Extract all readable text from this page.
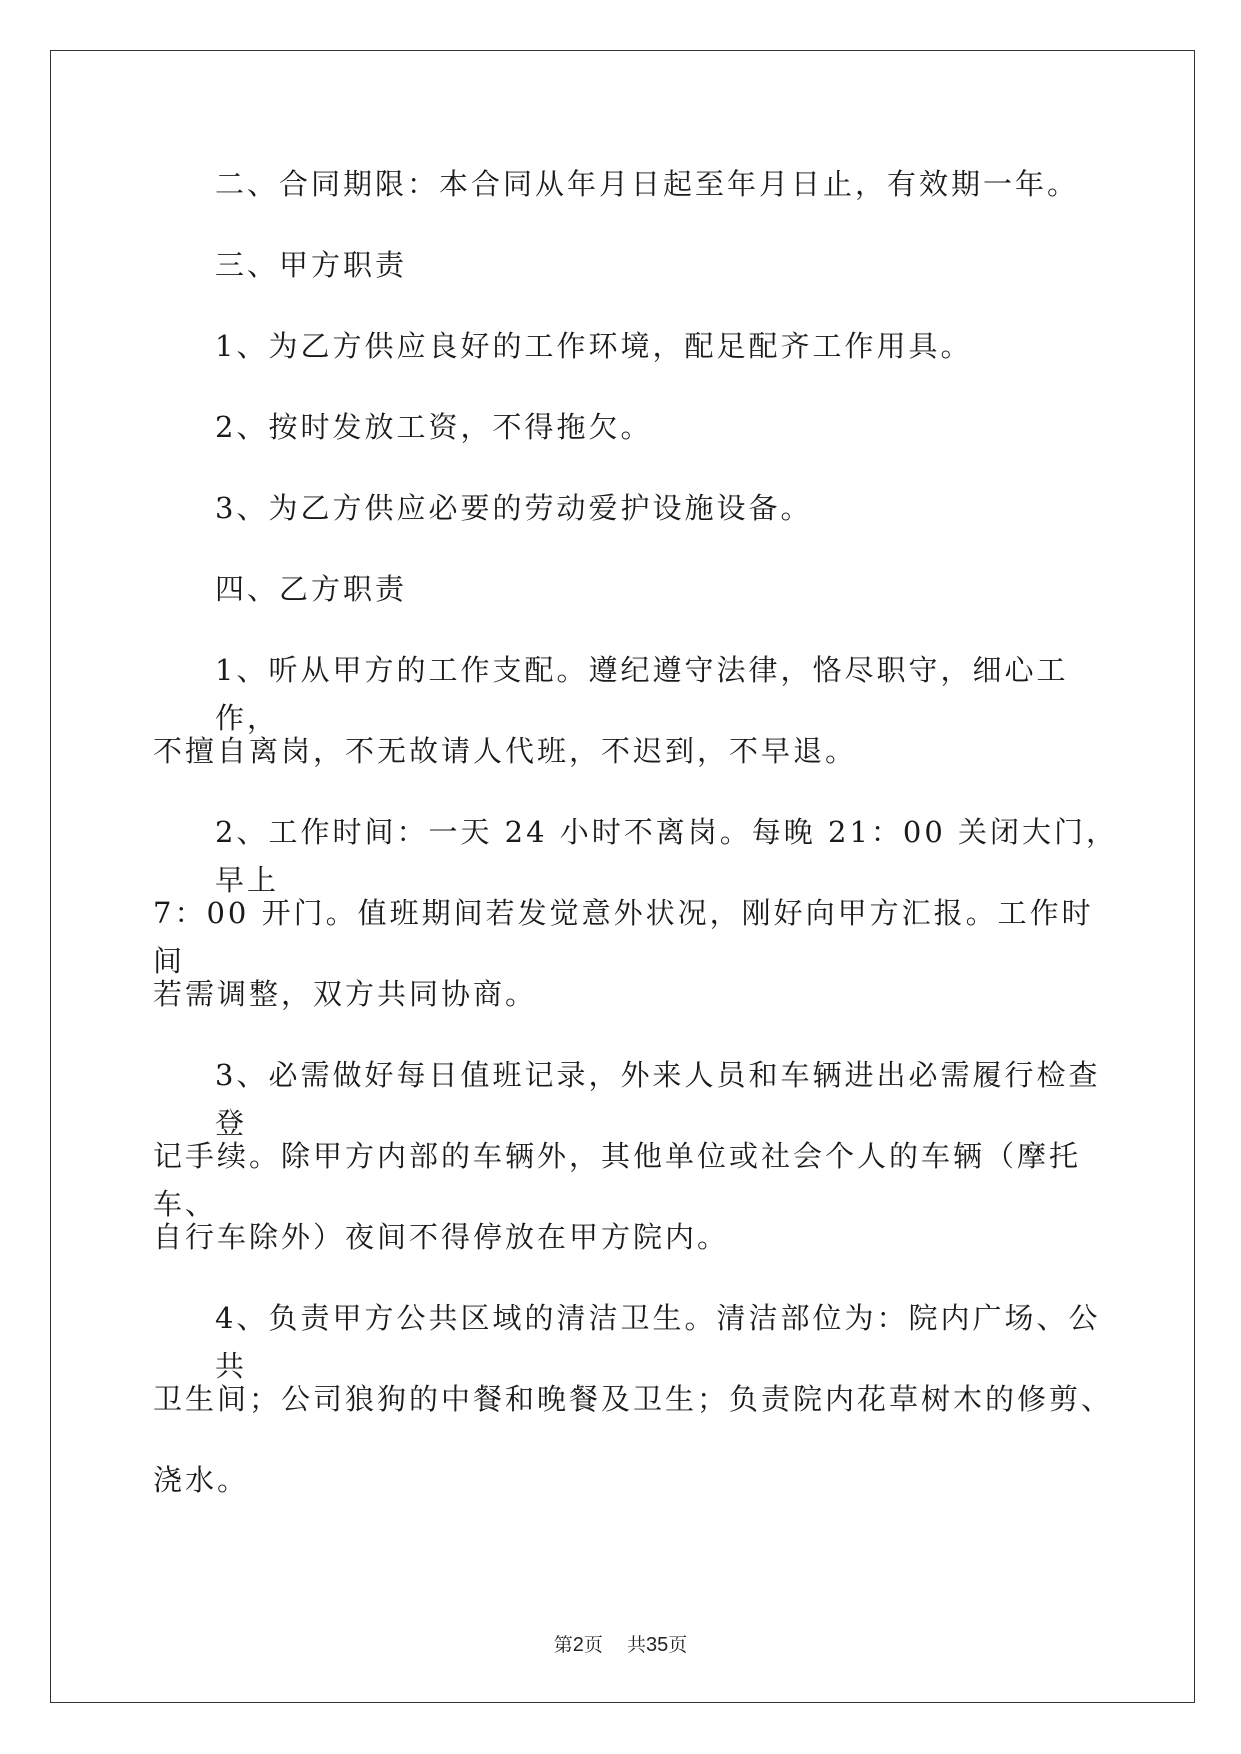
二、合同期限：本合同从年月日起至年月日止，有效期一年。
三、甲方职责
1、为乙方供应良好的工作环境，配足配齐工作用具。
2、按时发放工资，不得拖欠。
3、为乙方供应必要的劳动爱护设施设备。
四、乙方职责
1、听从甲方的工作支配。遵纪遵守法律，恪尽职守，细心工作，
不擅自离岗，不无故请人代班，不迟到，不早退。
2、工作时间：一天 24 小时不离岗。每晚 21：00 关闭大门，早上
7：00 开门。值班期间若发觉意外状况，刚好向甲方汇报。工作时间
若需调整，双方共同协商。
3、必需做好每日值班记录，外来人员和车辆进出必需履行检查登
记手续。除甲方内部的车辆外，其他单位或社会个人的车辆（摩托车、
自行车除外）夜间不得停放在甲方院内。
4、负责甲方公共区域的清洁卫生。清洁部位为：院内广场、公共
卫生间；公司狼狗的中餐和晚餐及卫生；负责院内花草树木的修剪、
浇水。
第2页 共35页
